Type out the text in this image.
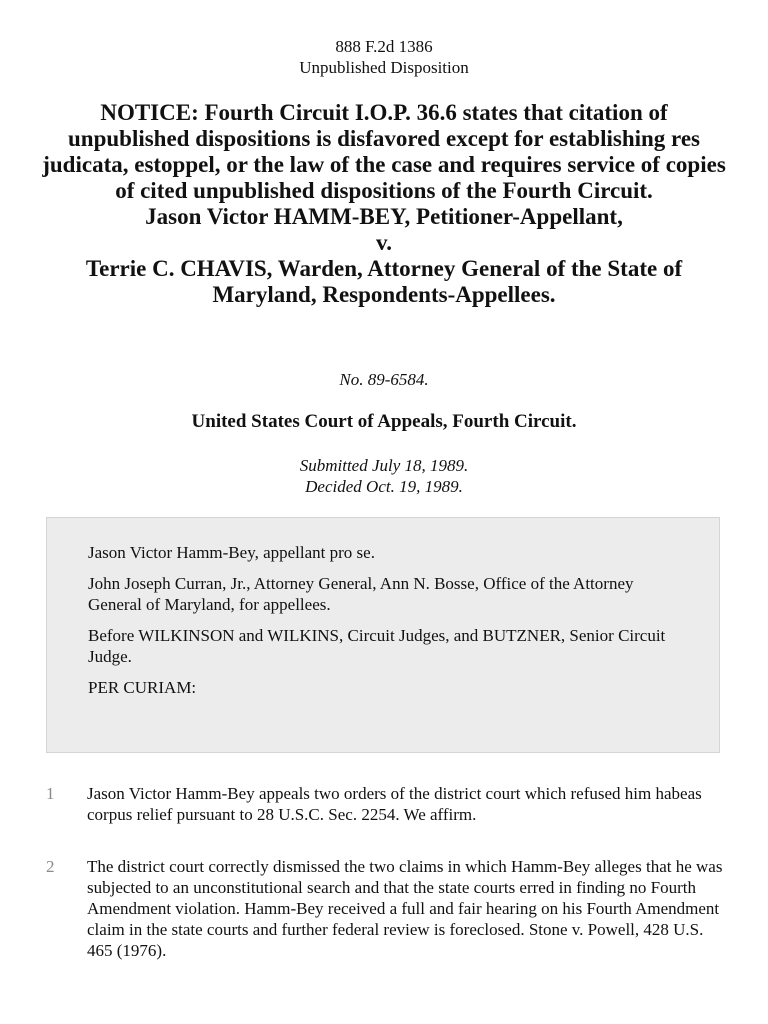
888 F.2d 1386
Unpublished Disposition
NOTICE: Fourth Circuit I.O.P. 36.6 states that citation of unpublished dispositions is disfavored except for establishing res judicata, estoppel, or the law of the case and requires service of copies of cited unpublished dispositions of the Fourth Circuit.
Jason Victor HAMM-BEY, Petitioner-Appellant,
v.
Terrie C. CHAVIS, Warden, Attorney General of the State of Maryland, Respondents-Appellees.
No. 89-6584.
United States Court of Appeals, Fourth Circuit.
Submitted July 18, 1989.
Decided Oct. 19, 1989.

Jason Victor Hamm-Bey, appellant pro se.

John Joseph Curran, Jr., Attorney General, Ann N. Bosse, Office of the Attorney General of Maryland, for appellees.

Before WILKINSON and WILKINS, Circuit Judges, and BUTZNER, Senior Circuit Judge.

PER CURIAM:

1 Jason Victor Hamm-Bey appeals two orders of the district court which refused him habeas corpus relief pursuant to 28 U.S.C. Sec. 2254. We affirm.
2 The district court correctly dismissed the two claims in which Hamm-Bey alleges that he was subjected to an unconstitutional search and that the state courts erred in finding no Fourth Amendment violation. Hamm-Bey received a full and fair hearing on his Fourth Amendment claim in the state courts and further federal review is foreclosed. Stone v. Powell, 428 U.S. 465 (1976).
